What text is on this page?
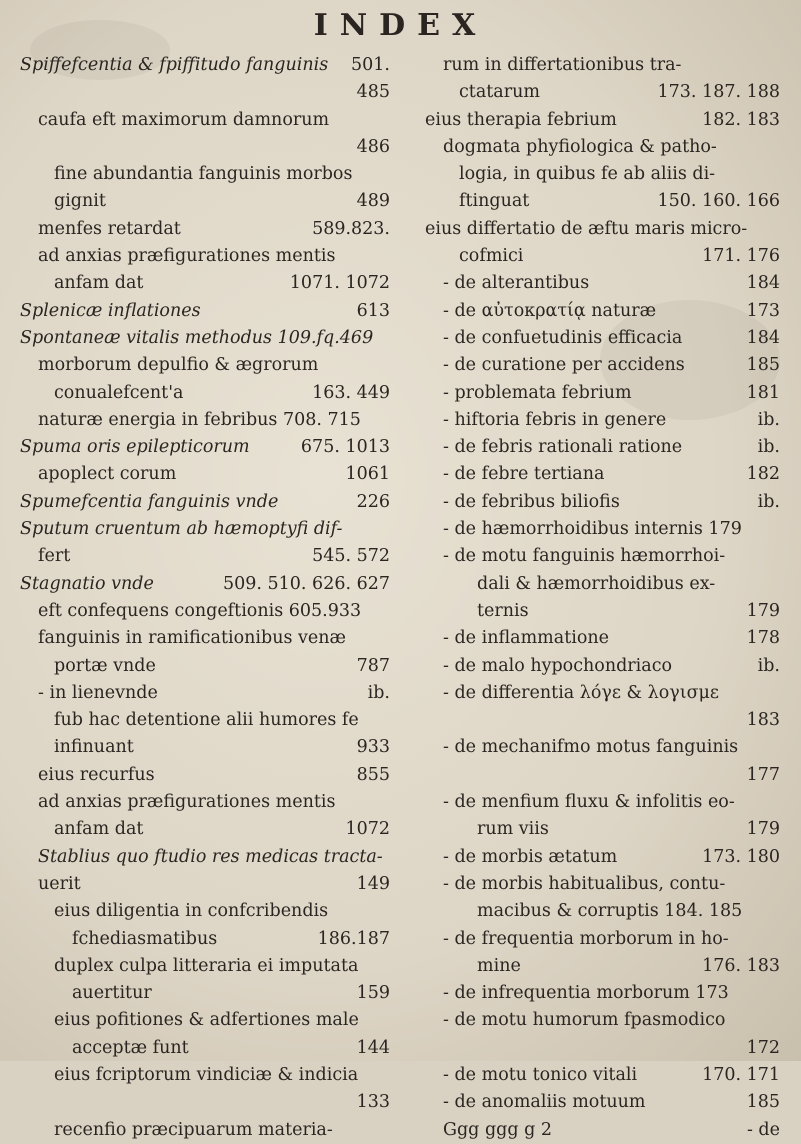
INDEX
Spiffefcentia & fpiffitudo fanguinis	501.
485
caufa eft maximorum damnorum
486
fine abundantia fanguinis morbos
gignit	489
menfes retardat	589.823.
ad anxias præfigurationes mentis
anfam dat	1071. 1072
Splenicæ inflationes	613
Spontaneæ vitalis methodus 109.fq.469
morborum depulfio & ægrorum
conualefcent'a	163. 449
naturæ energia in febribus 708. 715
Spuma oris epilepticorum	675. 1013
apoplect corum	1061
Spumefcentia fanguinis vnde	226
Sputum cruentum ab hæmoptyfi dif-
fert	545. 572
Stagnatio vnde	509. 510. 626. 627
eft confequens congeftionis 605.933
fanguinis in ramificationibus venæ
portæ vnde	787
- in lienevnde	ib.
fub hac detentione alii humores fe
infinuant	933
eius recurfus	855
ad anxias præfigurationes mentis
anfam dat	1072
Stablius quo ftudio res medicas tracta-
uerit	149
eius diligentia in confcribendis
fchediasmatibus	186.187
duplex culpa litteraria ei imputata
auertitur	159
eius pofitiones & adfertiones male
acceptæ funt	144
eius fcriptorum vindiciæ & indicia
133
recenfio præcipuarum materia-
rum in differtationibus tra-
ctatarum	173. 187. 188
eius therapia febrium	182. 183
dogmata phyfiologica & patho-
logia, in quibus fe ab aliis di-
ftinguat	150. 160. 166
eius differtatio de æftu maris micro-
cofmici	171. 176
- de alterantibus	184
- de αὐτοκρατίᾳ naturæ	173
- de confuetudinis efficacia	184
- de curatione per accidens	185
- problemata febrium	181
- hiftoria febris in genere	ib.
- de febris rationali ratione	ib.
- de febre tertiana	182
- de febribus biliofis	ib.
- de hæmorrhoidibus internis 179
- de motu fanguinis hæmorrhoi-
dali & hæmorrhoidibus ex-
ternis	179
- de inflammatione	178
- de malo hypochondriaco	ib.
- de differentia λόγε & λογισμε
183
- de mechanifmo motus fanguinis
177
- de menfium fluxu & infolitis eo-
rum viis	179
- de morbis ætatum	173. 180
- de morbis habitualibus, contu-
macibus & corruptis 184. 185
- de frequentia morborum in ho-
mine	176. 183
- de infrequentia morborum 173
- de motu humorum fpasmodico
172
- de motu tonico vitali	170. 171
- de anomaliis motuum	185
Ggg ggg g 2	- de
